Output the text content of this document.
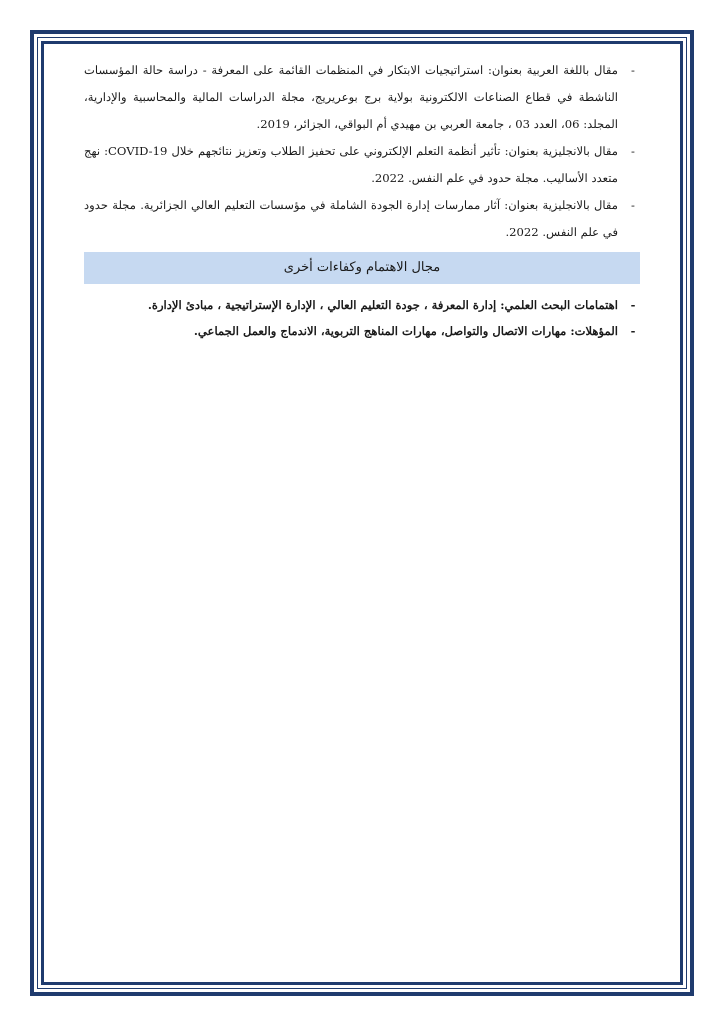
-
مقال باللغة العربية بعنوان: استراتيجيات الابتكار في المنظمات القائمة على المعرفة - دراسة حالة المؤسسات الناشطة في قطاع الصناعات الالكترونية بولاية برج بوعريريج، مجلة الدراسات المالية والمحاسبية والإدارية، المجلد: 06، العدد 03 ، جامعة العربي بن مهيدي أم البواقي، الجزائر، 2019.
-
مقال بالانجليزية بعنوان: تأثير أنظمة التعلم الإلكتروني على تحفيز الطلاب وتعزيز نتائجهم خلال COVID-19: نهج متعدد الأساليب. مجلة حدود في علم النفس. 2022.
-
مقال بالانجليزية بعنوان: آثار ممارسات إدارة الجودة الشاملة في مؤسسات التعليم العالي الجزائرية. مجلة حدود في علم النفس. 2022.
مجال الاهتمام وكفاءات أخرى
-
اهتمامات البحث العلمي: إدارة المعرفة ، جودة التعليم العالي ، الإدارة الإستراتيجية ، مبادئ الإدارة.
-
المؤهلات: مهارات الاتصال والتواصل، مهارات المناهج التربوية، الاندماج والعمل الجماعي.
